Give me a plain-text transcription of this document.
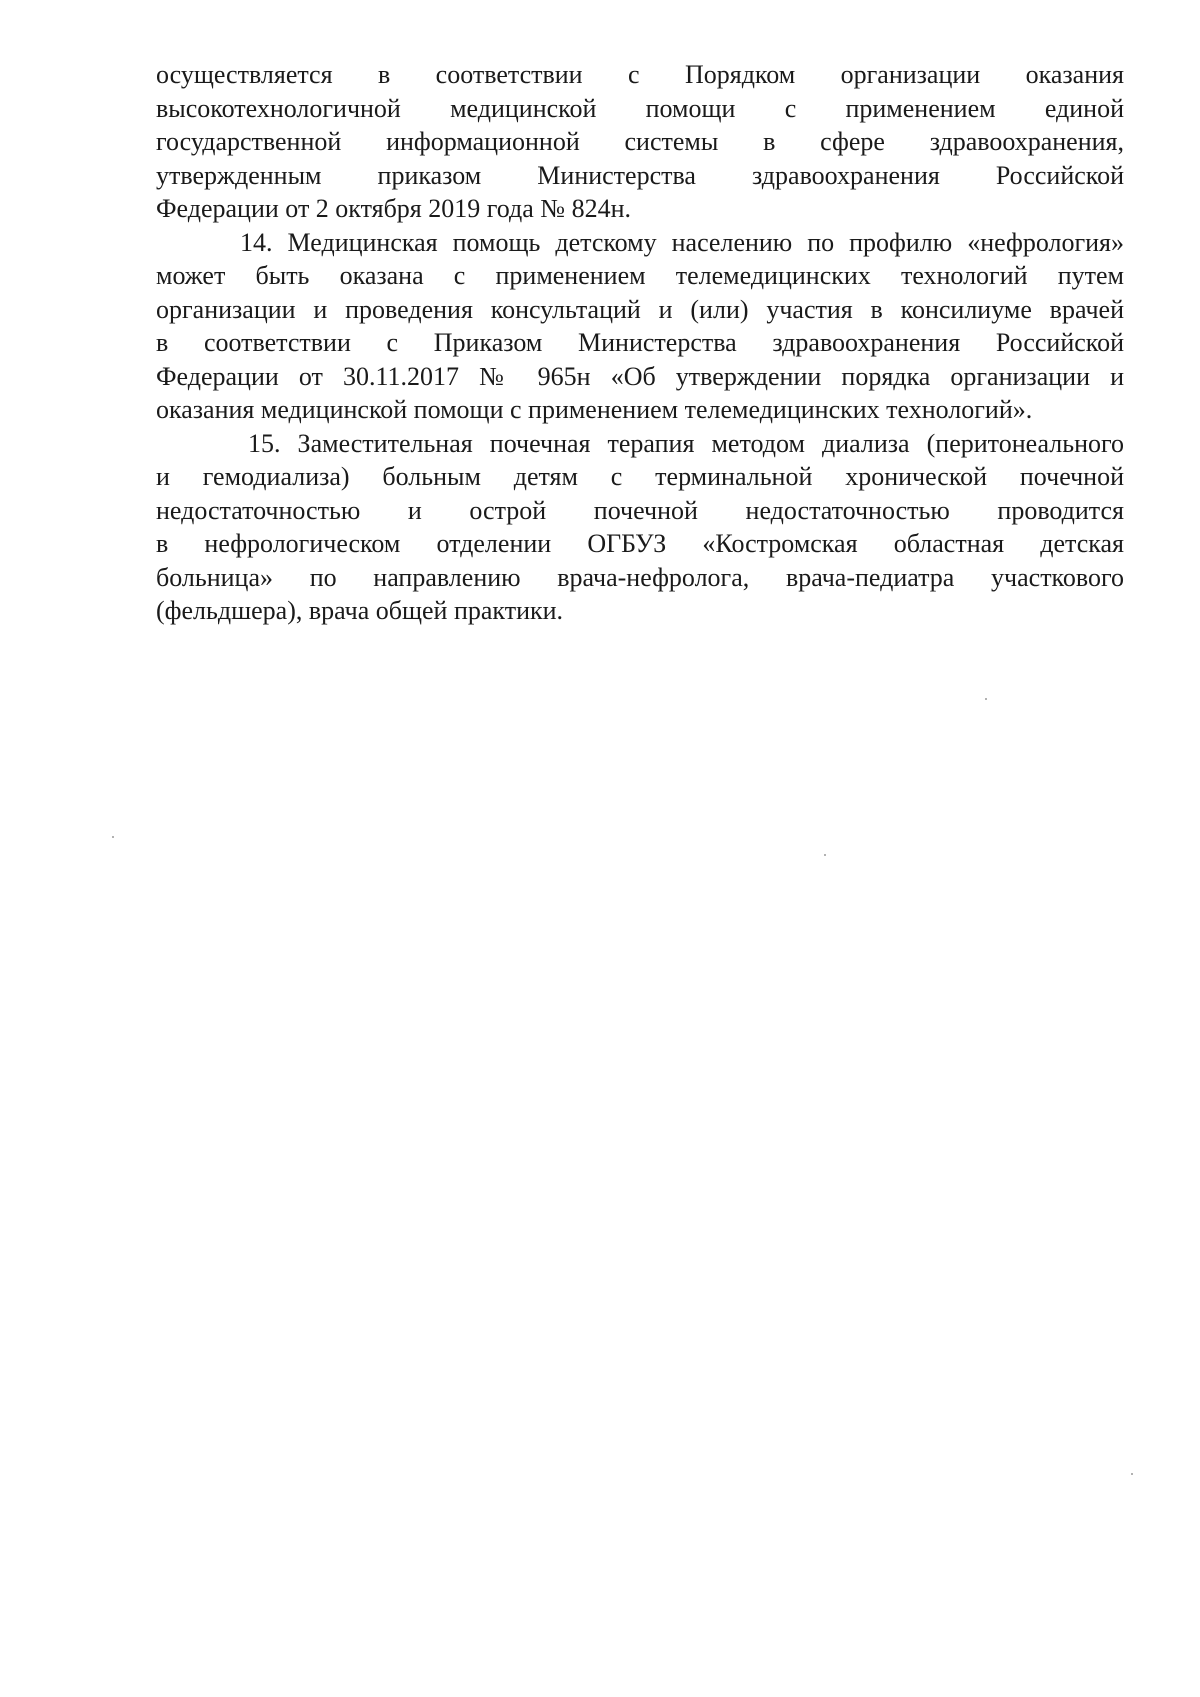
осуществляется в соответствии с Порядком организации оказания
высокотехнологичной медицинской помощи с применением единой
государственной информационной системы в сфере здравоохранения,
утвержденным приказом Министерства здравоохранения Российской
Федерации от 2 октября 2019 года № 824н.

14. Медицинская помощь детскому населению по профилю «нефрология»
может быть оказана с применением телемедицинских технологий путем
организации и проведения консультаций и (или) участия в консилиуме врачей
в соответствии с Приказом Министерства здравоохранения Российской
Федерации от 30.11.2017 № 965н «Об утверждении порядка организации и
оказания медицинской помощи с применением телемедицинских технологий».

15. Заместительная почечная терапия методом диализа (перитонеального
и гемодиализа) больным детям с терминальной хронической почечной
недостаточностью и острой почечной недостаточностью проводится
в нефрологическом отделении ОГБУЗ «Костромская областная детская
больница» по направлению врача-нефролога, врача-педиатра участкового
(фельдшера), врача общей практики.
